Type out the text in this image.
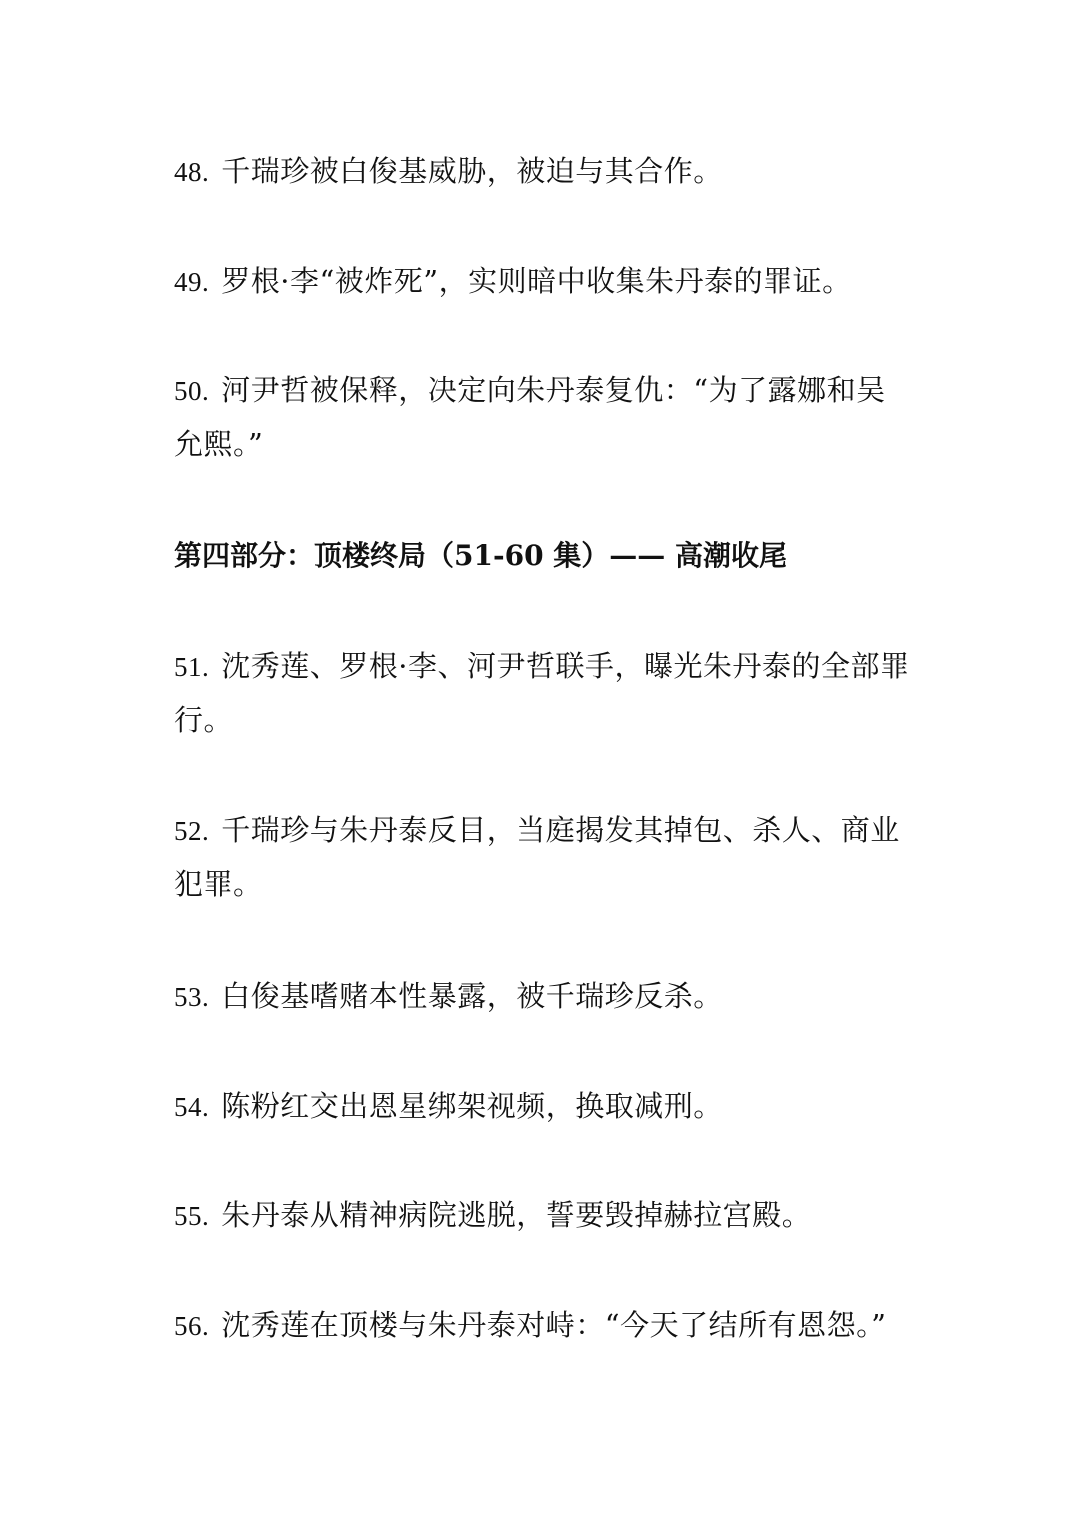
48. 千瑞珍被白俊基威胁，被迫与其合作。

49. 罗根·李“被炸死”，实则暗中收集朱丹泰的罪证。

50. 河尹哲被保释，决定向朱丹泰复仇：“为了露娜和吴允熙。”

第四部分：顶楼终局（51-60 集）—— 高潮收尾

51. 沈秀莲、罗根·李、河尹哲联手，曝光朱丹泰的全部罪行。

52. 千瑞珍与朱丹泰反目，当庭揭发其掉包、杀人、商业犯罪。

53. 白俊基嗜赌本性暴露，被千瑞珍反杀。

54. 陈粉红交出恩星绑架视频，换取减刑。

55. 朱丹泰从精神病院逃脱，誓要毁掉赫拉宫殿。

56. 沈秀莲在顶楼与朱丹泰对峙：“今天了结所有恩怨。”
